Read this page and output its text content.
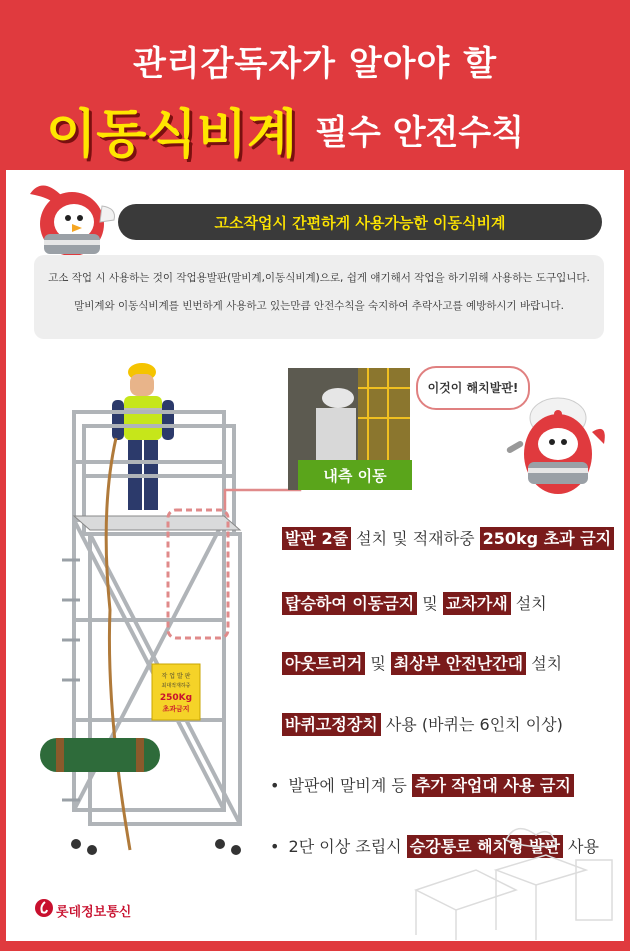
관리감독자가 알아야 할
이동식비계 필수 안전수칙
고소작업시 간편하게 사용가능한 이동식비계

고소 작업 시 사용하는 것이 작업용발판(말비계,이동식비계)으로, 쉽게 얘기해서 작업을 하기위해 사용하는 도구입니다.

말비계와 이동식비계를 빈번하게 사용하고 있는만큼 안전수칙을 숙지하여 추락사고를 예방하시기 바랍니다.

작 업 발 판
최대적재하중
250Kg
초과금지
내측 이동
이것이 해치발판!
발판 2줄 설치 및 적재하중 250kg 초과 금지
탑승하여 이동금지 및 교차가새 설치
아웃트리거 및 최상부 안전난간대 설치
바퀴고정장치 사용 (바퀴는 6인치 이상)
• 발판에 말비계 등 추가 작업대 사용 금지
• 2단 이상 조립시 승강통로 해치형 발판 사용
롯데정보통신
